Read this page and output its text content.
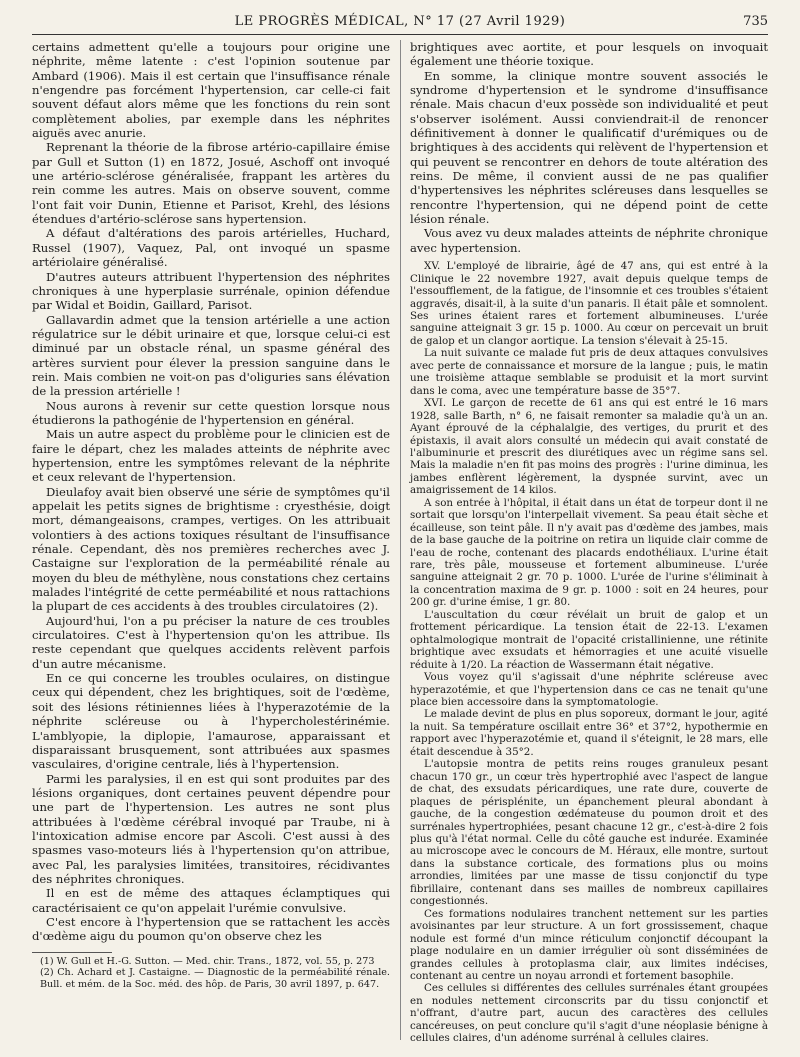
LE PROGRÈS MÉDICAL, N° 17 (27 Avril 1929)	735

certains admettent qu'elle a toujours pour origine une néphrite, même latente : c'est l'opinion soutenue par Ambard (1906). Mais il est certain que l'insuffisance rénale n'engendre pas forcément l'hypertension, car celle-ci fait souvent défaut alors même que les fonctions du rein sont complètement abolies, par exemple dans les néphrites aiguës avec anurie.

Reprenant la théorie de la fibrose artério-capillaire émise par Gull et Sutton (1) en 1872, Josué, Aschoff ont invoqué une artério-sclérose généralisée, frappant les artères du rein comme les autres. Mais on observe souvent, comme l'ont fait voir Dunin, Etienne et Parisot, Krehl, des lésions étendues d'artério-sclérose sans hypertension.

A défaut d'altérations des parois artérielles, Huchard, Russel (1907), Vaquez, Pal, ont invoqué un spasme artériolaire généralisé.

D'autres auteurs attribuent l'hypertension des néphrites chroniques à une hyperplasie surrénale, opinion défendue par Widal et Boidin, Gaillard, Parisot.

Gallavardin admet que la tension artérielle a une action régulatrice sur le débit urinaire et que, lorsque celui-ci est diminué par un obstacle rénal, un spasme général des artères survient pour élever la pression sanguine dans le rein. Mais combien ne voit-on pas d'oliguries sans élévation de la pression artérielle !

Nous aurons à revenir sur cette question lorsque nous étudierons la pathogénie de l'hypertension en général.

Mais un autre aspect du problème pour le clinicien est de faire le départ, chez les malades atteints de néphrite avec hypertension, entre les symptômes relevant de la néphrite et ceux relevant de l'hypertension.

Dieulafoy avait bien observé une série de symptômes qu'il appelait les petits signes de brightisme : cryesthésie, doigt mort, démangeaisons, crampes, vertiges. On les attribuait volontiers à des actions toxiques résultant de l'insuffisance rénale. Cependant, dès nos premières recherches avec J. Castaigne sur l'exploration de la perméabilité rénale au moyen du bleu de méthylène, nous constations chez certains malades l'intégrité de cette perméabilité et nous rattachions la plupart de ces accidents à des troubles circulatoires (2).

Aujourd'hui, l'on a pu préciser la nature de ces troubles circulatoires. C'est à l'hypertension qu'on les attribue. Ils reste cependant que quelques accidents relèvent parfois d'un autre mécanisme.

En ce qui concerne les troubles oculaires, on distingue ceux qui dépendent, chez les brightiques, soit de l'œdème, soit des lésions rétiniennes liées à l'hyperazotémie de la néphrite scléreuse ou à l'hypercholestérinémie. L'amblyopie, la diplopie, l'amaurose, apparaissant et disparaissant brusquement, sont attribuées aux spasmes vasculaires, d'origine centrale, liés à l'hypertension.

Parmi les paralysies, il en est qui sont produites par des lésions organiques, dont certaines peuvent dépendre pour une part de l'hypertension. Les autres ne sont plus attribuées à l'œdème cérébral invoqué par Traube, ni à l'intoxication admise encore par Ascoli. C'est aussi à des spasmes vaso-moteurs liés à l'hypertension qu'on attribue, avec Pal, les paralysies limitées, transitoires, récidivantes des néphrites chroniques.

Il en est de même des attaques éclamptiques qui caractérisaient ce qu'on appelait l'urémie convulsive.

C'est encore à l'hypertension que se rattachent les accès d'œdème aigu du poumon qu'on observe chez les

(1) W. Gull et H.-G. Sutton. — Med. chir. Trans., 1872, vol. 55, p. 273

(2) Ch. Achard et J. Castaigne. — Diagnostic de la perméabilité rénale. Bull. et mém. de la Soc. méd. des hôp. de Paris, 30 avril 1897, p. 647.

brightiques avec aortite, et pour lesquels on invoquait également une théorie toxique.

En somme, la clinique montre souvent associés le syndrome d'hypertension et le syndrome d'insuffisance rénale. Mais chacun d'eux possède son individualité et peut s'observer isolément. Aussi conviendrait-il de renoncer définitivement à donner le qualificatif d'urémiques ou de brightiques à des accidents qui relèvent de l'hypertension et qui peuvent se rencontrer en dehors de toute altération des reins. De même, il convient aussi de ne pas qualifier d'hypertensives les néphrites scléreuses dans lesquelles se rencontre l'hypertension, qui ne dépend point de cette lésion rénale.

Vous avez vu deux malades atteints de néphrite chronique avec hypertension.

XV. L'employé de librairie, âgé de 47 ans, qui est entré à la Clinique le 22 novembre 1927, avait depuis quelque temps de l'essoufflement, de la fatigue, de l'insomnie et ces troubles s'étaient aggravés, disait-il, à la suite d'un panaris. Il était pâle et somnolent. Ses urines étaient rares et fortement albumineuses. L'urée sanguine atteignait 3 gr. 15 p. 1000. Au cœur on percevait un bruit de galop et un clangor aortique. La tension s'élevait à 25-15.

La nuit suivante ce malade fut pris de deux attaques convulsives avec perte de connaissance et morsure de la langue ; puis, le matin une troisième attaque semblable se produisit et la mort survint dans le coma, avec une température basse de 35°7.

XVI. Le garçon de recette de 61 ans qui est entré le 16 mars 1928, salle Barth, n° 6, ne faisait remonter sa maladie qu'à un an. Ayant éprouvé de la céphalalgie, des vertiges, du prurit et des épistaxis, il avait alors consulté un médecin qui avait constaté de l'albuminurie et prescrit des diurétiques avec un régime sans sel. Mais la maladie n'en fit pas moins des progrès : l'urine diminua, les jambes enflèrent légèrement, la dyspnée survint, avec un amaigrissement de 14 kilos.

A son entrée à l'hôpital, il était dans un état de torpeur dont il ne sortait que lorsqu'on l'interpellait vivement. Sa peau était sèche et écailleuse, son teint pâle. Il n'y avait pas d'œdème des jambes, mais de la base gauche de la poitrine on retira un liquide clair comme de l'eau de roche, contenant des placards endothéliaux. L'urine était rare, très pâle, mousseuse et fortement albumineuse. L'urée sanguine atteignait 2 gr. 70 p. 1000. L'urée de l'urine s'éliminait à la concentration maxima de 9 gr. p. 1000 : soit en 24 heures, pour 200 gr. d'urine émise, 1 gr. 80.

L'auscultation du cœur révélait un bruit de galop et un frottement péricardique. La tension était de 22-13. L'examen ophtalmologique montrait de l'opacité cristallinienne, une rétinite brightique avec exsudats et hémorragies et une acuité visuelle réduite à 1/20. La réaction de Wassermann était négative.

Vous voyez qu'il s'agissait d'une néphrite scléreuse avec hyperazotémie, et que l'hypertension dans ce cas ne tenait qu'une place bien accessoire dans la symptomatologie.

Le malade devint de plus en plus soporeux, dormant le jour, agité la nuit. Sa température oscillait entre 36° et 37°2, hypothermie en rapport avec l'hyperazotémie et, quand il s'éteignit, le 28 mars, elle était descendue à 35°2.

L'autopsie montra de petits reins rouges granuleux pesant chacun 170 gr., un cœur très hypertrophié avec l'aspect de langue de chat, des exsudats péricardiques, une rate dure, couverte de plaques de périsplénite, un épanchement pleural abondant à gauche, de la congestion œdémateuse du poumon droit et des surrénales hypertrophiées, pesant chacune 12 gr., c'est-à-dire 2 fois plus qu'à l'état normal. Celle du côté gauche est indurée. Examinée au microscope avec le concours de M. Héraux, elle montre, surtout dans la substance corticale, des formations plus ou moins arrondies, limitées par une masse de tissu conjonctif du type fibrillaire, contenant dans ses mailles de nombreux capillaires congestionnés.

Ces formations nodulaires tranchent nettement sur les parties avoisinantes par leur structure. A un fort grossissement, chaque nodule est formé d'un mince réticulum conjonctif découpant la plage nodulaire en un damier irrégulier où sont disséminées de grandes cellules à protoplasma clair, aux limites indécises, contenant au centre un noyau arrondi et fortement basophile.

Ces cellules si différentes des cellules surrénales étant groupées en nodules nettement circonscrits par du tissu conjonctif et n'offrant, d'autre part, aucun des caractères des cellules cancéreuses, on peut conclure qu'il s'agit d'une néoplasie bénigne à cellules claires, d'un adénome surrénal à cellules claires.
